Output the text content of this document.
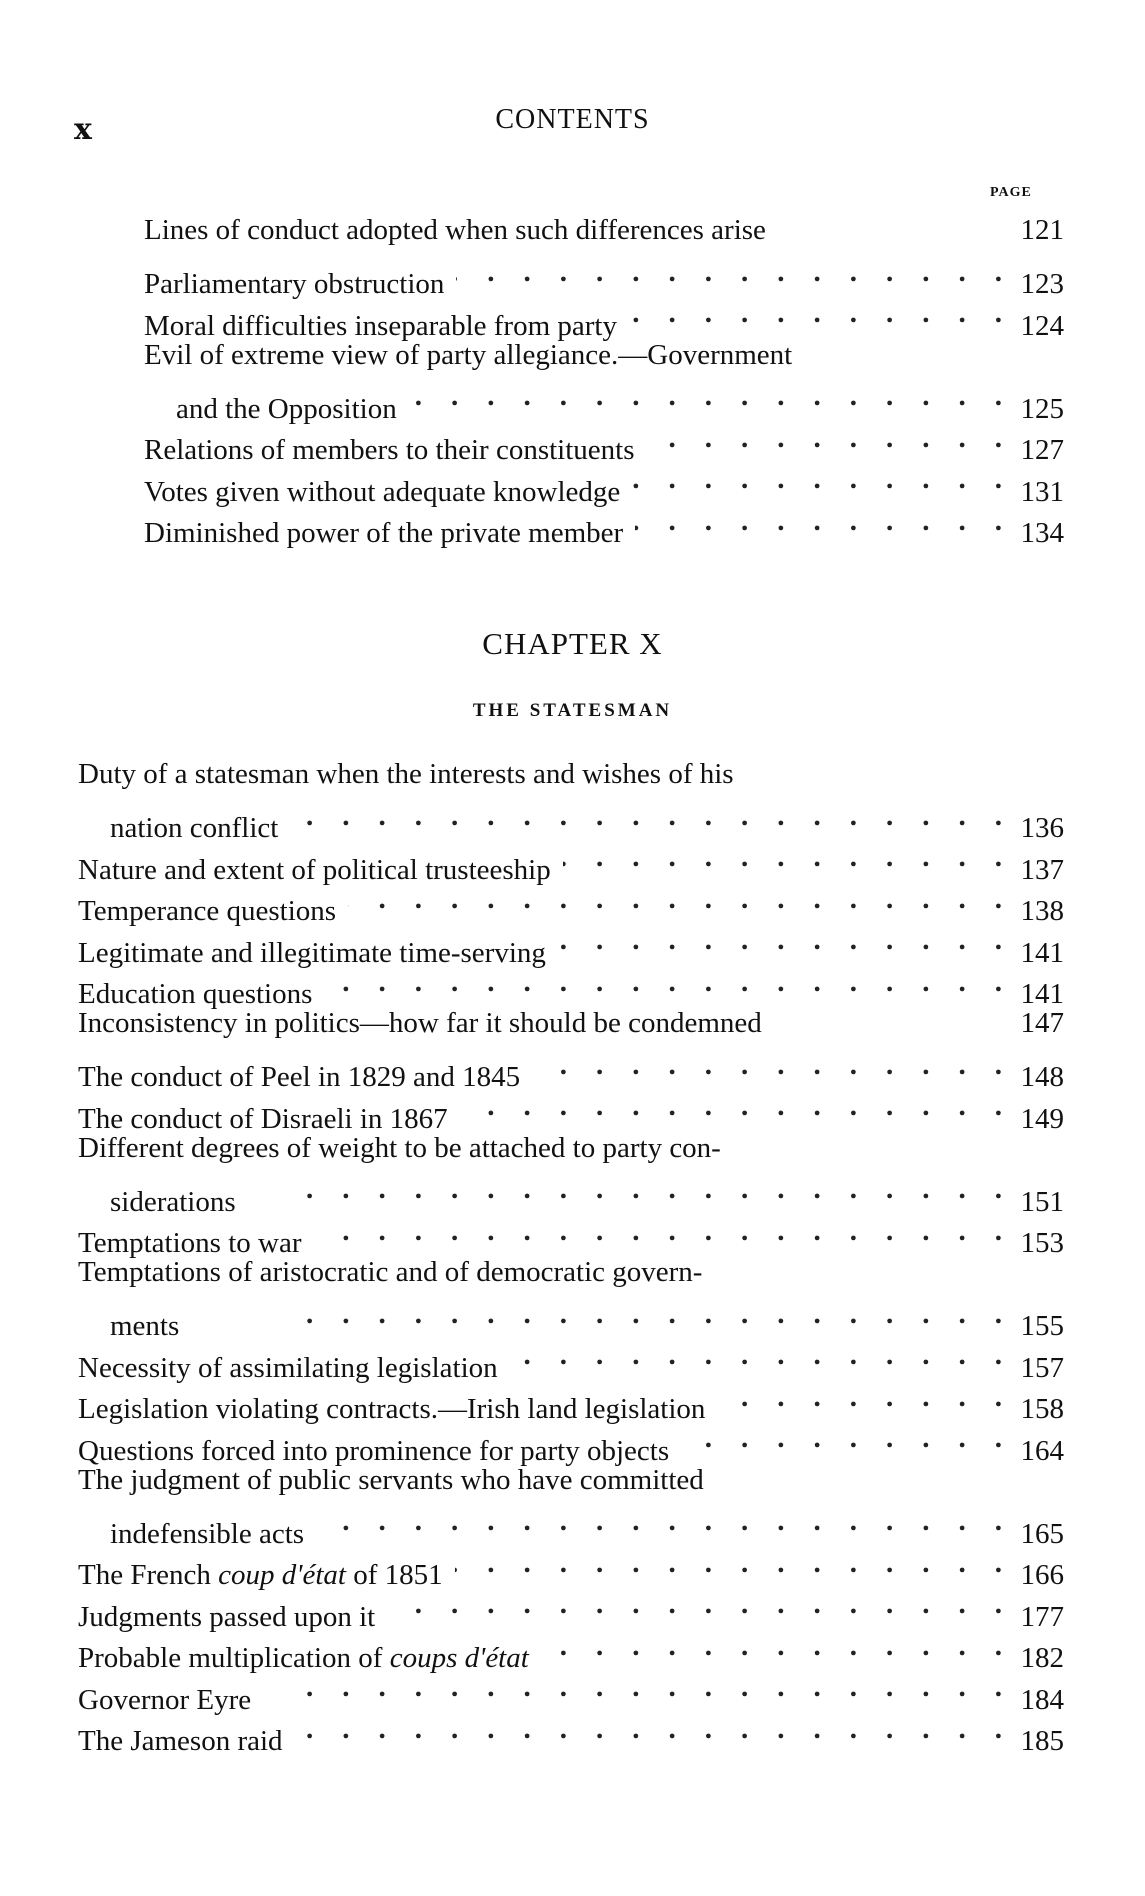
x	CONTENTS
PAGE
Lines of conduct adopted when such differences arise	121
Parliamentary obstruction .	123
Moral difficulties inseparable from party .	124
Evil of extreme view of party allegiance.—Government
and the Opposition .	125
Relations of members to their constituents .	127
Votes given without adequate knowledge .	131
Diminished power of the private member .	134
CHAPTER X
THE STATESMAN
Duty of a statesman when the interests and wishes of his
nation conflict .	136
Nature and extent of political trusteeship .	137
Temperance questions .	138
Legitimate and illegitimate time-serving .	141
Education questions .	141
Inconsistency in politics—how far it should be condemned	147
The conduct of Peel in 1829 and 1845 .	148
The conduct of Disraeli in 1867 .	149
Different degrees of weight to be attached to party con-
siderations .	151
Temptations to war .	153
Temptations of aristocratic and of democratic govern-
ments .	155
Necessity of assimilating legislation .	157
Legislation violating contracts.—Irish land legislation .	158
Questions forced into prominence for party objects .	164
The judgment of public servants who have committed
indefensible acts .	165
The French coup d'état of 1851 .	166
Judgments passed upon it .	177
Probable multiplication of coups d'état .	182
Governor Eyre .	184
The Jameson raid .	185
